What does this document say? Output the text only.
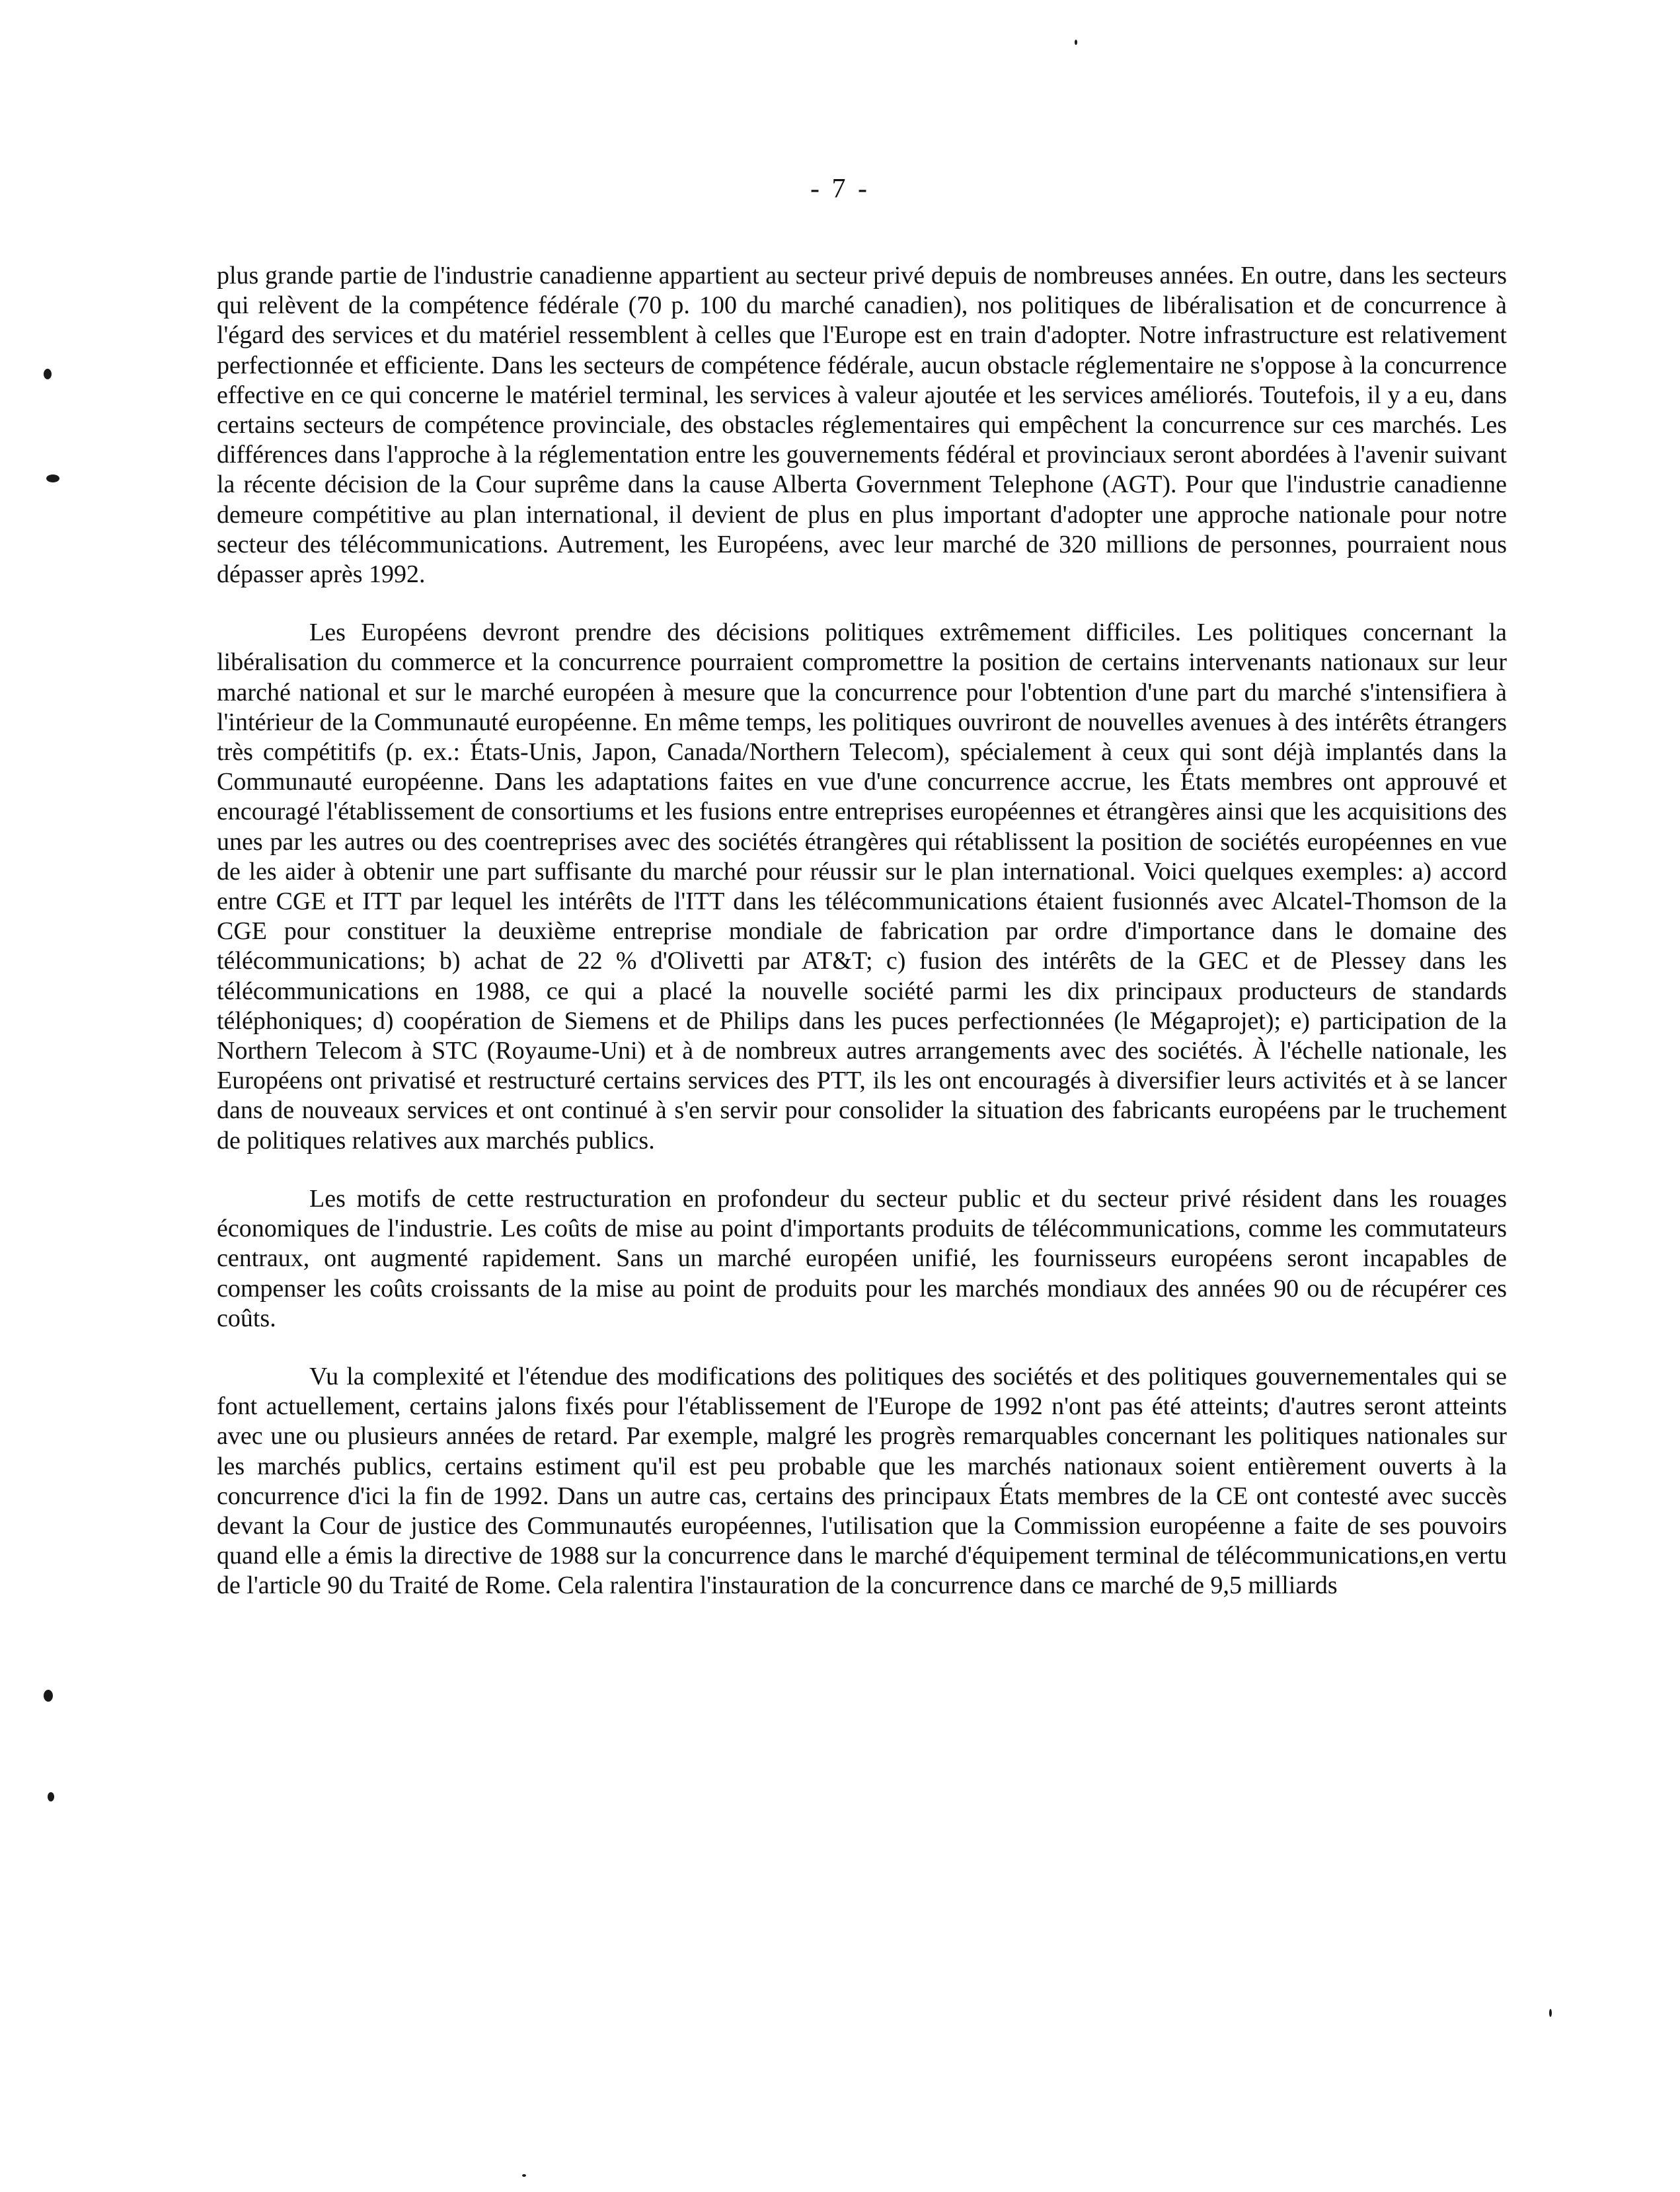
- 7 -

plus grande partie de l'industrie canadienne appartient au secteur privé depuis de nombreuses années. En outre, dans les secteurs qui relèvent de la compétence fédérale (70 p. 100 du marché canadien), nos politiques de libéralisation et de concurrence à l'égard des services et du matériel ressemblent à celles que l'Europe est en train d'adopter. Notre infrastructure est relativement perfectionnée et efficiente. Dans les secteurs de compétence fédérale, aucun obstacle réglementaire ne s'oppose à la concurrence effective en ce qui concerne le matériel terminal, les services à valeur ajoutée et les services améliorés. Toutefois, il y a eu, dans certains secteurs de compétence provinciale, des obstacles réglementaires qui empêchent la concurrence sur ces marchés. Les différences dans l'approche à la réglementation entre les gouvernements fédéral et provinciaux seront abordées à l'avenir suivant la récente décision de la Cour suprême dans la cause Alberta Government Telephone (AGT). Pour que l'industrie canadienne demeure compétitive au plan international, il devient de plus en plus important d'adopter une approche nationale pour notre secteur des télécommunications. Autrement, les Européens, avec leur marché de 320 millions de personnes, pourraient nous dépasser après 1992.

Les Européens devront prendre des décisions politiques extrêmement difficiles. Les politiques concernant la libéralisation du commerce et la concurrence pourraient compromettre la position de certains intervenants nationaux sur leur marché national et sur le marché européen à mesure que la concurrence pour l'obtention d'une part du marché s'intensifiera à l'intérieur de la Communauté européenne. En même temps, les politiques ouvriront de nouvelles avenues à des intérêts étrangers très compétitifs (p. ex.: États-Unis, Japon, Canada/Northern Telecom), spécialement à ceux qui sont déjà implantés dans la Communauté européenne. Dans les adaptations faites en vue d'une concurrence accrue, les États membres ont approuvé et encouragé l'établissement de consortiums et les fusions entre entreprises européennes et étrangères ainsi que les acquisitions des unes par les autres ou des coentreprises avec des sociétés étrangères qui rétablissent la position de sociétés européennes en vue de les aider à obtenir une part suffisante du marché pour réussir sur le plan international. Voici quelques exemples: a) accord entre CGE et ITT par lequel les intérêts de l'ITT dans les télécommunications étaient fusionnés avec Alcatel-Thomson de la CGE pour constituer la deuxième entreprise mondiale de fabrication par ordre d'importance dans le domaine des télécommunications; b) achat de 22 % d'Olivetti par AT&T; c) fusion des intérêts de la GEC et de Plessey dans les télécommunications en 1988, ce qui a placé la nouvelle société parmi les dix principaux producteurs de standards téléphoniques; d) coopération de Siemens et de Philips dans les puces perfectionnées (le Mégaprojet); e) participation de la Northern Telecom à STC (Royaume-Uni) et à de nombreux autres arrangements avec des sociétés. À l'échelle nationale, les Européens ont privatisé et restructuré certains services des PTT, ils les ont encouragés à diversifier leurs activités et à se lancer dans de nouveaux services et ont continué à s'en servir pour consolider la situation des fabricants européens par le truchement de politiques relatives aux marchés publics.

Les motifs de cette restructuration en profondeur du secteur public et du secteur privé résident dans les rouages économiques de l'industrie. Les coûts de mise au point d'importants produits de télécommunications, comme les commutateurs centraux, ont augmenté rapidement. Sans un marché européen unifié, les fournisseurs européens seront incapables de compenser les coûts croissants de la mise au point de produits pour les marchés mondiaux des années 90 ou de récupérer ces coûts.

Vu la complexité et l'étendue des modifications des politiques des sociétés et des politiques gouvernementales qui se font actuellement, certains jalons fixés pour l'établissement de l'Europe de 1992 n'ont pas été atteints; d'autres seront atteints avec une ou plusieurs années de retard. Par exemple, malgré les progrès remarquables concernant les politiques nationales sur les marchés publics, certains estiment qu'il est peu probable que les marchés nationaux soient entièrement ouverts à la concurrence d'ici la fin de 1992. Dans un autre cas, certains des principaux États membres de la CE ont contesté avec succès devant la Cour de justice des Communautés européennes, l'utilisation que la Commission européenne a faite de ses pouvoirs quand elle a émis la directive de 1988 sur la concurrence dans le marché d'équipement terminal de télécommunications,en vertu de l'article 90 du Traité de Rome. Cela ralentira l'instauration de la concurrence dans ce marché de 9,5 milliards
